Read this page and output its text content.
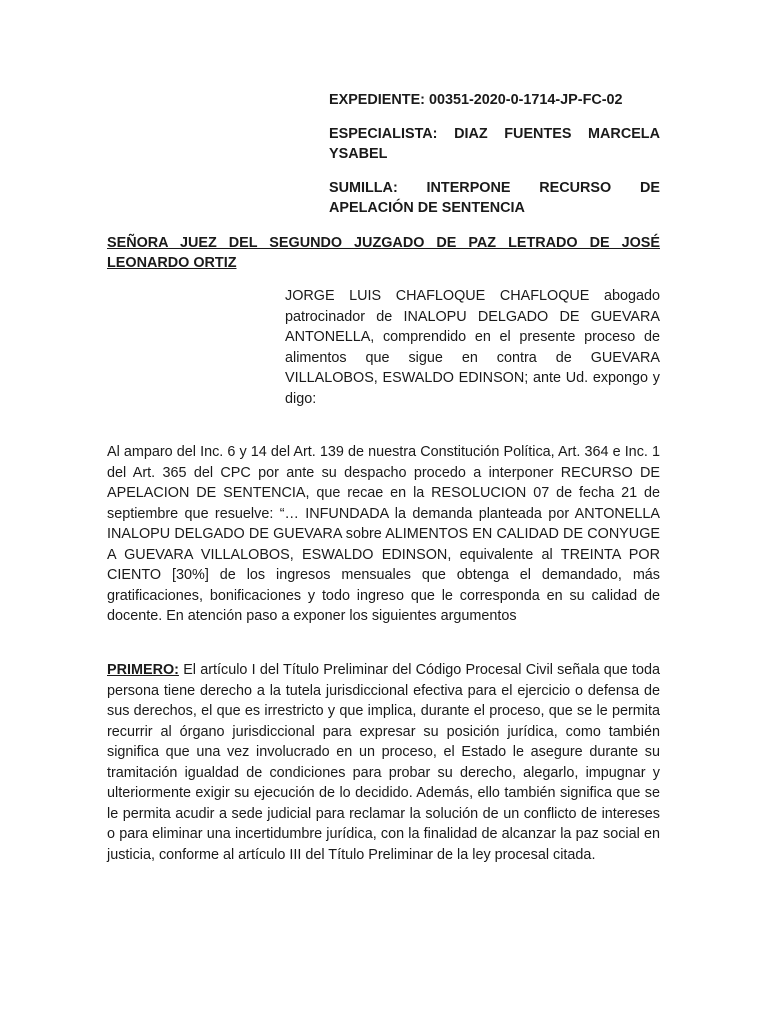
EXPEDIENTE: 00351-2020-0-1714-JP-FC-02
ESPECIALISTA: DIAZ FUENTES MARCELA YSABEL
SUMILLA: INTERPONE RECURSO DE APELACIÓN DE SENTENCIA
SEÑORA JUEZ DEL SEGUNDO JUZGADO DE PAZ LETRADO DE JOSÉ LEONARDO ORTIZ
JORGE LUIS CHAFLOQUE CHAFLOQUE abogado patrocinador de INALOPU DELGADO DE GUEVARA ANTONELLA, comprendido en el presente proceso de alimentos que sigue en contra de GUEVARA VILLALOBOS, ESWALDO EDINSON; ante Ud. expongo y digo:
Al amparo del Inc. 6 y 14 del Art. 139 de nuestra Constitución Política, Art. 364 e Inc. 1 del Art. 365 del CPC por ante su despacho procedo a interponer RECURSO DE APELACION DE SENTENCIA, que recae en la RESOLUCION 07 de fecha 21 de septiembre que resuelve: “… INFUNDADA la demanda planteada por ANTONELLA INALOPU DELGADO DE GUEVARA sobre ALIMENTOS EN CALIDAD DE CONYUGE A GUEVARA VILLALOBOS, ESWALDO EDINSON, equivalente al TREINTA POR CIENTO [30%] de los ingresos mensuales que obtenga el demandado, más gratificaciones, bonificaciones y todo ingreso que le corresponda en su calidad de docente. En atención paso a exponer los siguientes argumentos
PRIMERO: El artículo I del Título Preliminar del Código Procesal Civil señala que toda persona tiene derecho a la tutela jurisdiccional efectiva para el ejercicio o defensa de sus derechos, el que es irrestricto y que implica, durante el proceso, que se le permita recurrir al órgano jurisdiccional para expresar su posición jurídica, como también significa que una vez involucrado en un proceso, el Estado le asegure durante su tramitación igualdad de condiciones para probar su derecho, alegarlo, impugnar y ulteriormente exigir su ejecución de lo decidido. Además, ello también significa que se le permita acudir a sede judicial para reclamar la solución de un conflicto de intereses o para eliminar una incertidumbre jurídica, con la finalidad de alcanzar la paz social en justicia, conforme al artículo III del Título Preliminar de la ley procesal citada.
